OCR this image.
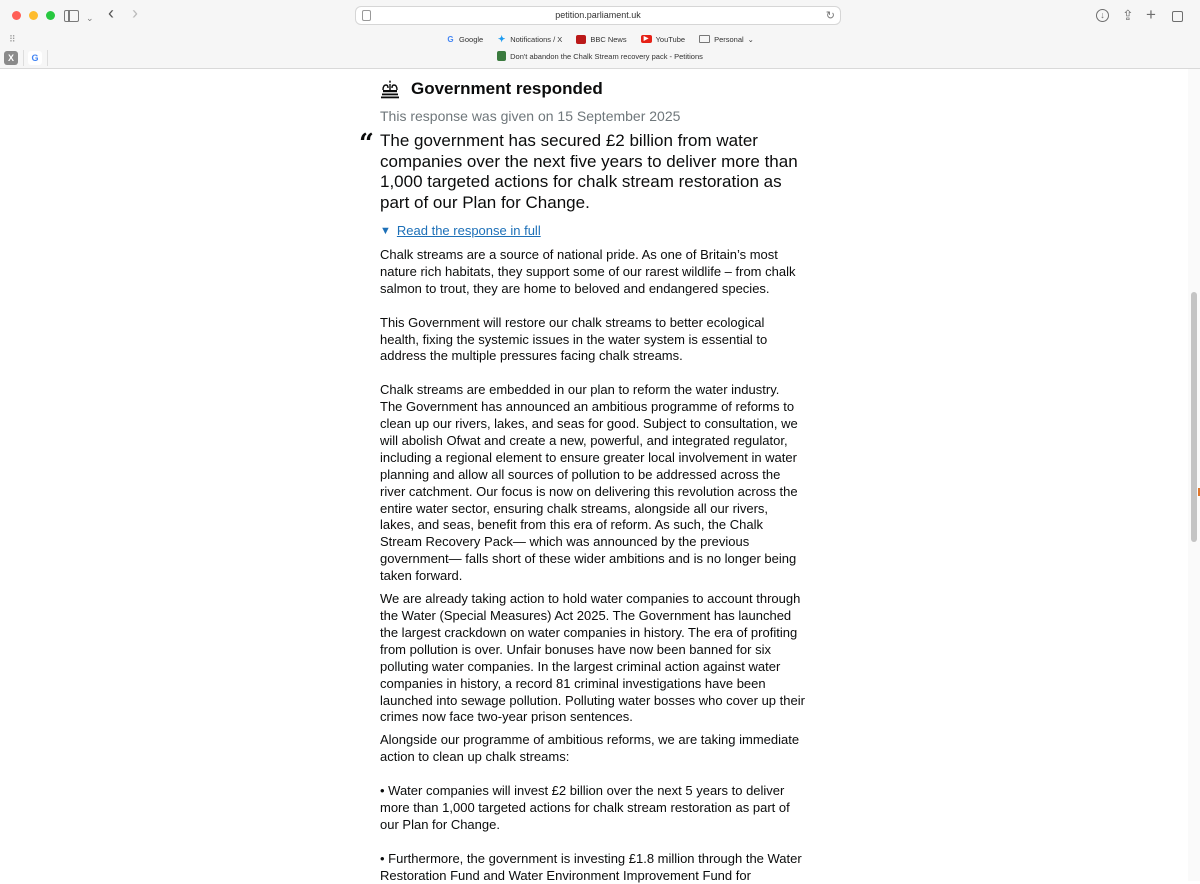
⌄ ‹ ›	petition.parliament.uk	↻	↓	⇪ +
⠿	G Google ✦ Notifications / X	BBC News	▶ YouTube	Personal ⌄
X	G	Don't abandon the Chalk Stream recovery pack - Petitions
Government responded
This response was given on 15 September 2025
“ The government has secured £2 billion from water companies over the next five years to deliver more than 1,000 targeted actions for chalk stream restoration as part of our Plan for Change.
▼ Read the response in full

Chalk streams are a source of national pride. As one of Britain’s most nature rich habitats, they support some of our rarest wildlife – from chalk salmon to trout, they are home to beloved and endangered species.

This Government will restore our chalk streams to better ecological health, fixing the systemic issues in the water system is essential to address the multiple pressures facing chalk streams.

Chalk streams are embedded in our plan to reform the water industry. The Government has announced an ambitious programme of reforms to clean up our rivers, lakes, and seas for good. Subject to consultation, we will abolish Ofwat and create a new, powerful, and integrated regulator, including a regional element to ensure greater local involvement in water planning and allow all sources of pollution to be addressed across the river catchment. Our focus is now on delivering this revolution across the entire water sector, ensuring chalk streams, alongside all our rivers, lakes, and seas, benefit from this era of reform. As such, the Chalk Stream Recovery Pack— which was announced by the previous government— falls short of these wider ambitions and is no longer being taken forward.

We are already taking action to hold water companies to account through the Water (Special Measures) Act 2025. The Government has launched the largest crackdown on water companies in history. The era of profiting from pollution is over. Unfair bonuses have now been banned for six polluting water companies. In the largest criminal action against water companies in history, a record 81 criminal investigations have been launched into sewage pollution. Polluting water bosses who cover up their crimes now face two-year prison sentences.

Alongside our programme of ambitious reforms, we are taking immediate action to clean up chalk streams:

• Water companies will invest £2 billion over the next 5 years to deliver more than 1,000 targeted actions for chalk stream restoration as part of our Plan for Change.

• Furthermore, the government is investing £1.8 million through the Water Restoration Fund and Water Environment Improvement Fund for
